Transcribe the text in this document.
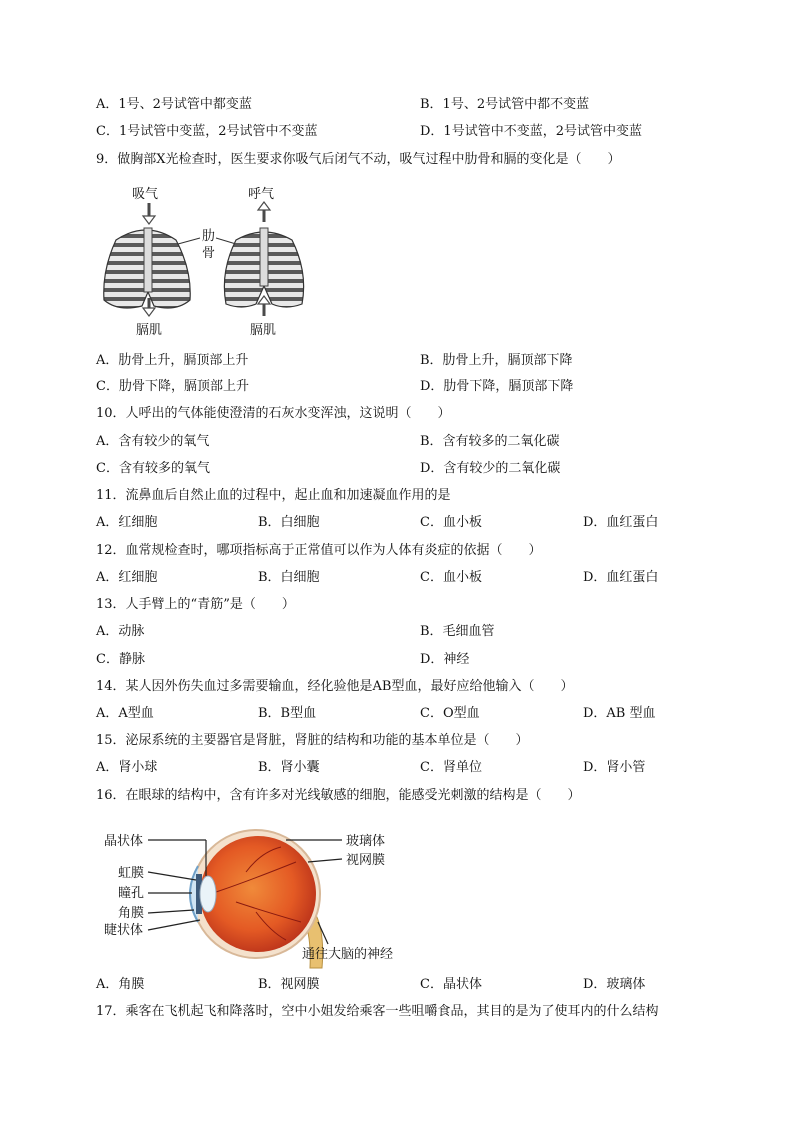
A．1号、2号试管中都变蓝	B．1号、2号试管中都不变蓝
C．1号试管中变蓝，2号试管中不变蓝	D．1号试管中不变蓝，2号试管中变蓝
9．做胸部X光检查时，医生要求你吸气后闭气不动，吸气过程中肋骨和膈的变化是（　　）
吸气
膈肌
肋
骨
呼气
膈肌
A．肋骨上升，膈顶部上升	B．肋骨上升，膈顶部下降
C．肋骨下降，膈顶部上升	D．肋骨下降，膈顶部下降
10．人呼出的气体能使澄清的石灰水变浑浊，这说明（　　）
A．含有较少的氧气	B．含有较多的二氧化碳
C．含有较多的氧气	D．含有较少的二氧化碳
11．流鼻血后自然止血的过程中，起止血和加速凝血作用的是
A．红细胞	B．白细胞	C．血小板	D．血红蛋白
12．血常规检查时，哪项指标高于正常值可以作为人体有炎症的依据（　　）
A．红细胞	B．白细胞	C．血小板	D．血红蛋白
13．人手臂上的“青筋”是（　　）
A．动脉	B．毛细血管
C．静脉	D．神经
14．某人因外伤失血过多需要输血，经化验他是AB型血，最好应给他输入（　　）
A．A型血	B．B型血	C．O型血	D．AB 型血
15．泌尿系统的主要器官是肾脏，肾脏的结构和功能的基本单位是（　　）
A．肾小球	B．肾小囊	C．肾单位	D．肾小管
16．在眼球的结构中，含有许多对光线敏感的细胞，能感受光刺激的结构是（　　）
晶状体
虹膜
瞳孔
角膜
睫状体
玻璃体
视网膜
通往大脑的神经
A．角膜	B．视网膜	C．晶状体	D．玻璃体
17．乘客在飞机起飞和降落时，空中小姐发给乘客一些咀嚼食品，其目的是为了使耳内的什么结构
